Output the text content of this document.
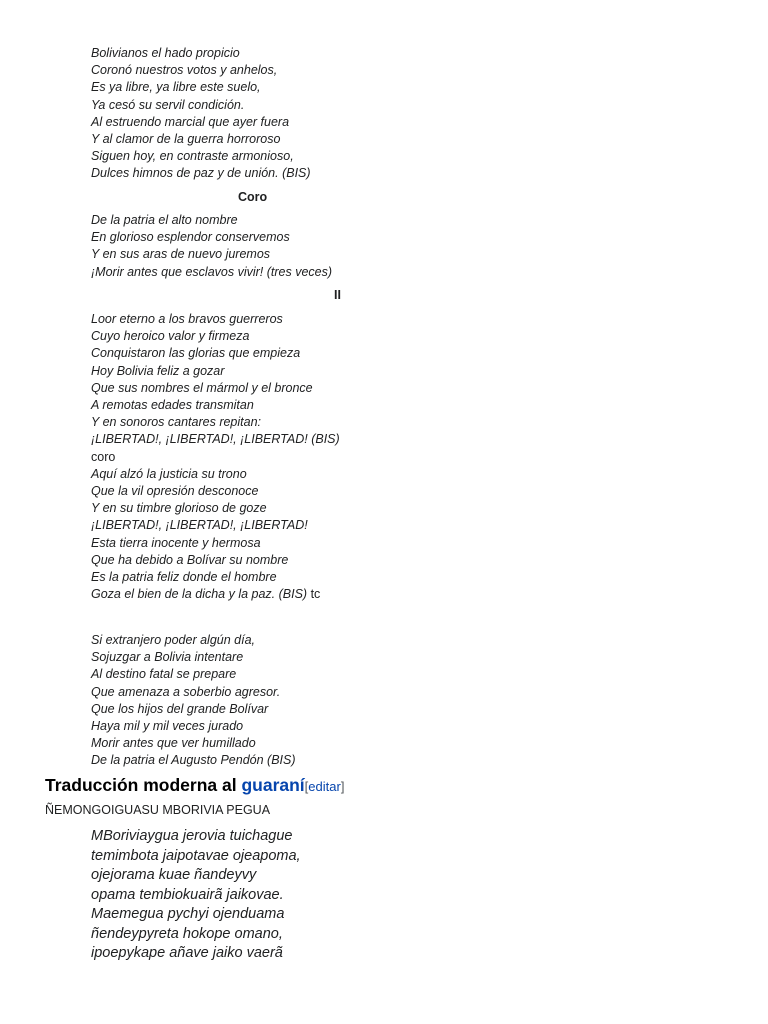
Bolivianos el hado propicio
Coronó nuestros votos y anhelos,
Es ya libre, ya libre este suelo,
Ya cesó su servil condición.
Al estruendo marcial que ayer fuera
Y al clamor de la guerra horroroso
Siguen hoy, en contraste armonioso,
Dulces himnos de paz y de unión. (BIS)
Coro
De la patria el alto nombre
En glorioso esplendor conservemos
Y en sus aras de nuevo juremos
¡Morir antes que esclavos vivir! (tres veces)
II
Loor eterno a los bravos guerreros
Cuyo heroico valor y firmeza
Conquistaron las glorias que empieza
Hoy Bolivia feliz a gozar
Que sus nombres el mármol y el bronce
A remotas edades transmitan
Y en sonoros cantares repitan:
¡LIBERTAD!, ¡LIBERTAD!, ¡LIBERTAD! (BIS)
coro
Aquí alzó la justicia su trono
Que la vil opresión desconoce
Y en su timbre glorioso de goze
¡LIBERTAD!, ¡LIBERTAD!, ¡LIBERTAD!
Esta tierra inocente y hermosa
Que ha debido a Bolívar su nombre
Es la patria feliz donde el hombre
Goza el bien de la dicha y la paz. (BIS) tc
Si extranjero poder algún día,
Sojuzgar a Bolivia intentare
Al destino fatal se prepare
Que amenaza a soberbio agresor.
Que los hijos del grande Bolívar
Haya mil y mil veces jurado
Morir antes que ver humillado
De la patria el Augusto Pendón (BIS)
Traducción moderna al guaraní[editar]
ÑEMONGOIGUASU MBORIVIA PEGUA
MBoriviaygua jerovia tuichague
temimbota jaipotavae ojeapoma,
ojejorama kuae ñandeyvy
opama tembiokuairã jaikovae.
Maemegua pychyi ojenduama
ñendeypyreta hokope omano,
ipoepykape añave jaiko vaerã
